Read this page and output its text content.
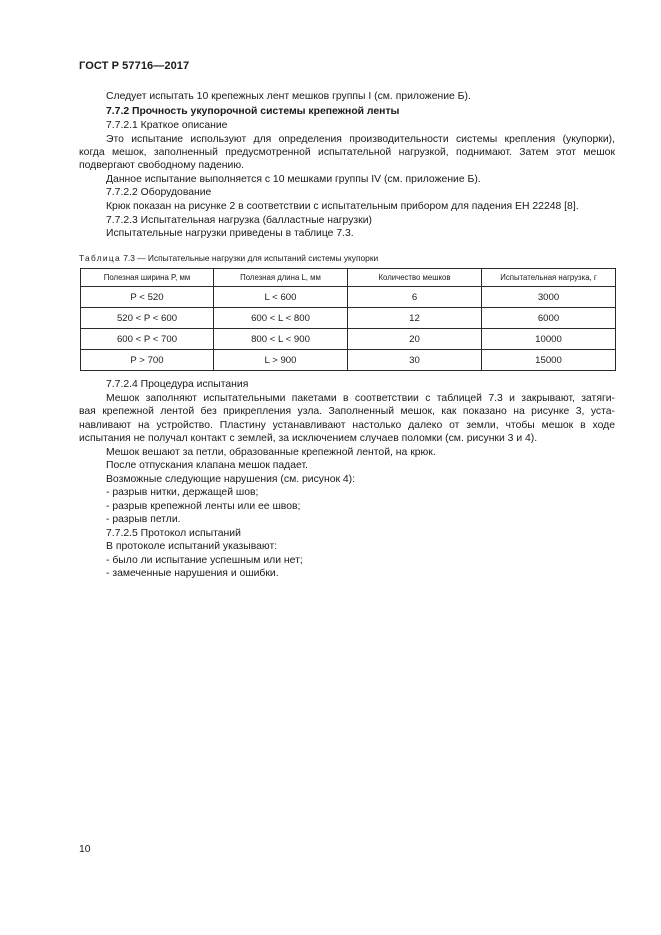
ГОСТ Р 57716—2017
Следует испытать 10 крепежных лент мешков группы I (см. приложение Б).
7.7.2 Прочность укупорочной системы крепежной ленты
7.7.2.1 Краткое описание
Это испытание используют для определения производительности системы крепления (укупорки),
когда мешок, заполненный предусмотренной испытательной нагрузкой, поднимают. Затем этот мешок
подвергают свободному падению.
Данное испытание выполняется с 10 мешками группы IV (см. приложение Б).
7.7.2.2 Оборудование
Крюк показан на рисунке 2 в соответствии с испытательным прибором для падения ЕН 22248 [8].
7.7.2.3 Испытательная нагрузка (балластные нагрузки)
Испытательные нагрузки приведены в таблице 7.3.
Таблица 7.3 — Испытательные нагрузки для испытаний системы укупорки
Полезная ширина P, мм	Полезная длина L, мм	Количество мешков	Испытательная нагрузка, г
P < 520	L < 600	6	3000
520 < P < 600	600 < L < 800	12	6000
600 < P < 700	800 < L < 900	20	10000
P > 700	L > 900	30	15000
7.7.2.4 Процедура испытания
Мешок заполняют испытательными пакетами в соответствии с таблицей 7.3 и закрывают, затяги-
вая крепежной лентой без прикрепления узла. Заполненный мешок, как показано на рисунке 3, уста-
навливают на устройство. Пластину устанавливают настолько далеко от земли, чтобы мешок в ходе
испытания не получал контакт с землей, за исключением случаев поломки (см. рисунки 3 и 4).
Мешок вешают за петли, образованные крепежной лентой, на крюк.
После отпускания клапана мешок падает.
Возможные следующие нарушения (см. рисунок 4):
- разрыв нитки, держащей шов;
- разрыв крепежной ленты или ее швов;
- разрыв петли.
7.7.2.5 Протокол испытаний
В протоколе испытаний указывают:
- было ли испытание успешным или нет;
- замеченные нарушения и ошибки.
10
